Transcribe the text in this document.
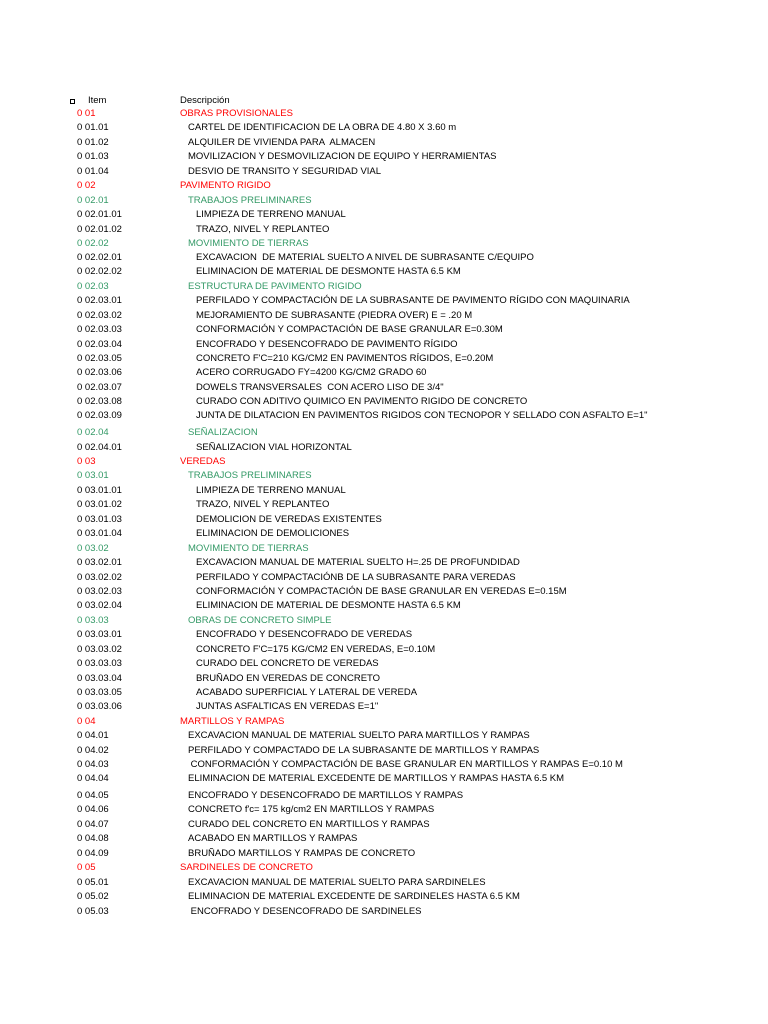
Item	Descripción
0 01	OBRAS PROVISIONALES
0 01.01	CARTEL DE IDENTIFICACION DE LA OBRA DE 4.80 X 3.60 m
0 01.02	ALQUILER DE VIVIENDA PARA  ALMACEN
0 01.03	MOVILIZACION Y DESMOVILIZACION DE EQUIPO Y HERRAMIENTAS
0 01.04	DESVIO DE TRANSITO Y SEGURIDAD VIAL
0 02	PAVIMENTO RIGIDO
0 02.01	TRABAJOS PRELIMINARES
0 02.01.01	LIMPIEZA DE TERRENO MANUAL
0 02.01.02	TRAZO, NIVEL Y REPLANTEO
0 02.02	MOVIMIENTO DE TIERRAS
0 02.02.01	EXCAVACION  DE MATERIAL SUELTO A NIVEL DE SUBRASANTE C/EQUIPO
0 02.02.02	ELIMINACION DE MATERIAL DE DESMONTE HASTA 6.5 KM
0 02.03	ESTRUCTURA DE PAVIMENTO RIGIDO
0 02.03.01	PERFILADO Y COMPACTACIÓN DE LA SUBRASANTE DE PAVIMENTO RÍGIDO CON MAQUINARIA
0 02.03.02	MEJORAMIENTO DE SUBRASANTE (PIEDRA OVER) E = .20 M
0 02.03.03	CONFORMACIÓN Y COMPACTACIÓN DE BASE GRANULAR E=0.30M
0 02.03.04	ENCOFRADO Y DESENCOFRADO DE PAVIMENTO RÍGIDO
0 02.03.05	CONCRETO F'C=210 KG/CM2 EN PAVIMENTOS RÍGIDOS, E=0.20M
0 02.03.06	ACERO CORRUGADO FY=4200 KG/CM2 GRADO 60
0 02.03.07	DOWELS TRANSVERSALES  CON ACERO LISO DE 3/4"
0 02.03.08	CURADO CON ADITIVO QUIMICO EN PAVIMENTO RIGIDO DE CONCRETO
0 02.03.09	JUNTA DE DILATACION EN PAVIMENTOS RIGIDOS CON TECNOPOR Y SELLADO CON ASFALTO E=1"
0 02.04	SEÑALIZACION
0 02.04.01	SEÑALIZACION VIAL HORIZONTAL
0 03	VEREDAS
0 03.01	TRABAJOS PRELIMINARES
0 03.01.01	LIMPIEZA DE TERRENO MANUAL
0 03.01.02	TRAZO, NIVEL Y REPLANTEO
0 03.01.03	DEMOLICION DE VEREDAS EXISTENTES
0 03.01.04	ELIMINACION DE DEMOLICIONES
0 03.02	MOVIMIENTO DE TIERRAS
0 03.02.01	EXCAVACION MANUAL DE MATERIAL SUELTO H=.25 DE PROFUNDIDAD
0 03.02.02	PERFILADO Y COMPACTACIÓNB DE LA SUBRASANTE PARA VEREDAS
0 03.02.03	CONFORMACIÓN Y COMPACTACIÓN DE BASE GRANULAR EN VEREDAS E=0.15M
0 03.02.04	ELIMINACION DE MATERIAL DE DESMONTE HASTA 6.5 KM
0 03.03	OBRAS DE CONCRETO SIMPLE
0 03.03.01	ENCOFRADO Y DESENCOFRADO DE VEREDAS
0 03.03.02	CONCRETO F'C=175 KG/CM2 EN VEREDAS, E=0.10M
0 03.03.03	CURADO DEL CONCRETO DE VEREDAS
0 03.03.04	BRUÑADO EN VEREDAS DE CONCRETO
0 03.03.05	ACABADO SUPERFICIAL Y LATERAL DE VEREDA
0 03.03.06	JUNTAS ASFALTICAS EN VEREDAS E=1"
0 04	MARTILLOS Y RAMPAS
0 04.01	EXCAVACION MANUAL DE MATERIAL SUELTO PARA MARTILLOS Y RAMPAS
0 04.02	PERFILADO Y COMPACTADO DE LA SUBRASANTE DE MARTILLOS Y RAMPAS
0 04.03	CONFORMACIÓN Y COMPACTACIÓN DE BASE GRANULAR EN MARTILLOS Y RAMPAS E=0.10 M
0 04.04	ELIMINACION DE MATERIAL EXCEDENTE DE MARTILLOS Y RAMPAS HASTA 6.5 KM
0 04.05	ENCOFRADO Y DESENCOFRADO DE MARTILLOS Y RAMPAS
0 04.06	CONCRETO f'c= 175 kg/cm2 EN MARTILLOS Y RAMPAS
0 04.07	CURADO DEL CONCRETO EN MARTILLOS Y RAMPAS
0 04.08	ACABADO EN MARTILLOS Y RAMPAS
0 04.09	BRUÑADO MARTILLOS Y RAMPAS DE CONCRETO
0 05	SARDINELES DE CONCRETO
0 05.01	EXCAVACION MANUAL DE MATERIAL SUELTO PARA SARDINELES
0 05.02	ELIMINACION DE MATERIAL EXCEDENTE DE SARDINELES HASTA 6.5 KM
0 05.03	ENCOFRADO Y DESENCOFRADO DE SARDINELES
